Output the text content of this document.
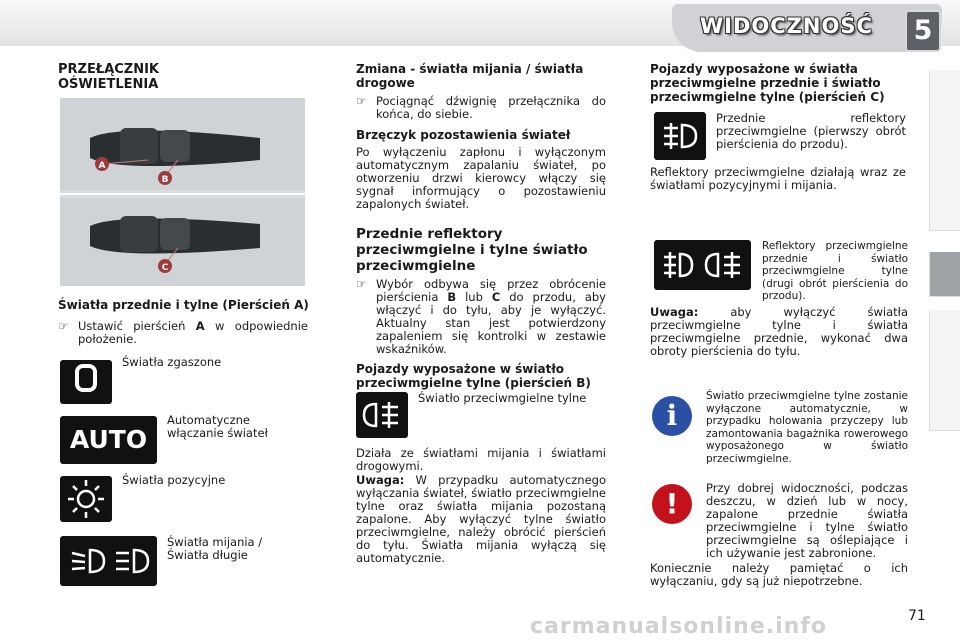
WIDOCZNOŚĆ	5
PRZEŁĄCZNIK OŚWIETLENIA
A
B
C
Światła przednie i tylne (Pierścień A)
☞ Ustawić pierścień A w odpowiednie położenie.
Światła zgaszone
AUTO
Automatyczne włączanie świateł
Światła pozycyjne
Światła mijania / Światła długie
Zmiana - światła mijania / światła drogowe
☞ Pociągnąć dźwignię przełącznika do końca, do siebie.
Brzęczyk pozostawienia świateł
Po wyłączeniu zapłonu i wyłączonym automatycznym zapalaniu świateł, po otworzeniu drzwi kierowcy włączy się sygnał informujący o pozostawieniu zapalonych świateł.
Przednie reflektory przeciwmgielne i tylne światło przeciwmgielne
☞ Wybór odbywa się przez obrócenie pierścienia B lub C do przodu, aby włączyć i do tyłu, aby je wyłączyć. Aktualny stan jest potwierdzony zapaleniem się kontrolki w zestawie wskaźników.
Pojazdy wyposażone w światło przeciwmgielne tylne (pierścień B)
Światło przeciwmgielne tylne
Działa ze światłami mijania i światłami drogowymi.
Uwaga: W przypadku automatycznego wyłączania świateł, światło przeciwmgielne tylne oraz światła mijania pozostaną zapalone. Aby wyłączyć tylne światło przeciwmgielne, należy obrócić pierścień do tyłu. Światła mijania wyłączą się automatycznie.
Pojazdy wyposażone w światła przeciwmgielne przednie i światło przeciwmgielne tylne (pierścień C)
Przednie reflektory przeciwmgielne (pierwszy obrót pierścienia do przodu).
Reflektory przeciwmgielne działają wraz ze światłami pozycyjnymi i mijania.
Reflektory przeciwmgielne przednie i światło przeciwmgielne tylne (drugi obrót pierścienia do przodu).
Uwaga: aby wyłączyć światła przeciwmgielne tylne i światła przeciwmgielne przednie, wykonać dwa obroty pierścienia do tyłu.
i
Światło przeciwmgielne tylne zostanie wyłączone automatycznie, w przypadku holowania przyczepy lub zamontowania bagażnika rowerowego wyposażonego w światło przeciwmgielne.
!	Przy dobrej widoczności, podczas deszczu, w dzień lub w nocy, zapalone przednie światła przeciwmgielne i tylne światło przeciwmgielne są oślepiające i ich używanie jest zabronione.
Koniecznie należy pamiętać o ich wyłączaniu, gdy są już niepotrzebne.
71
carmanualsonline.info
